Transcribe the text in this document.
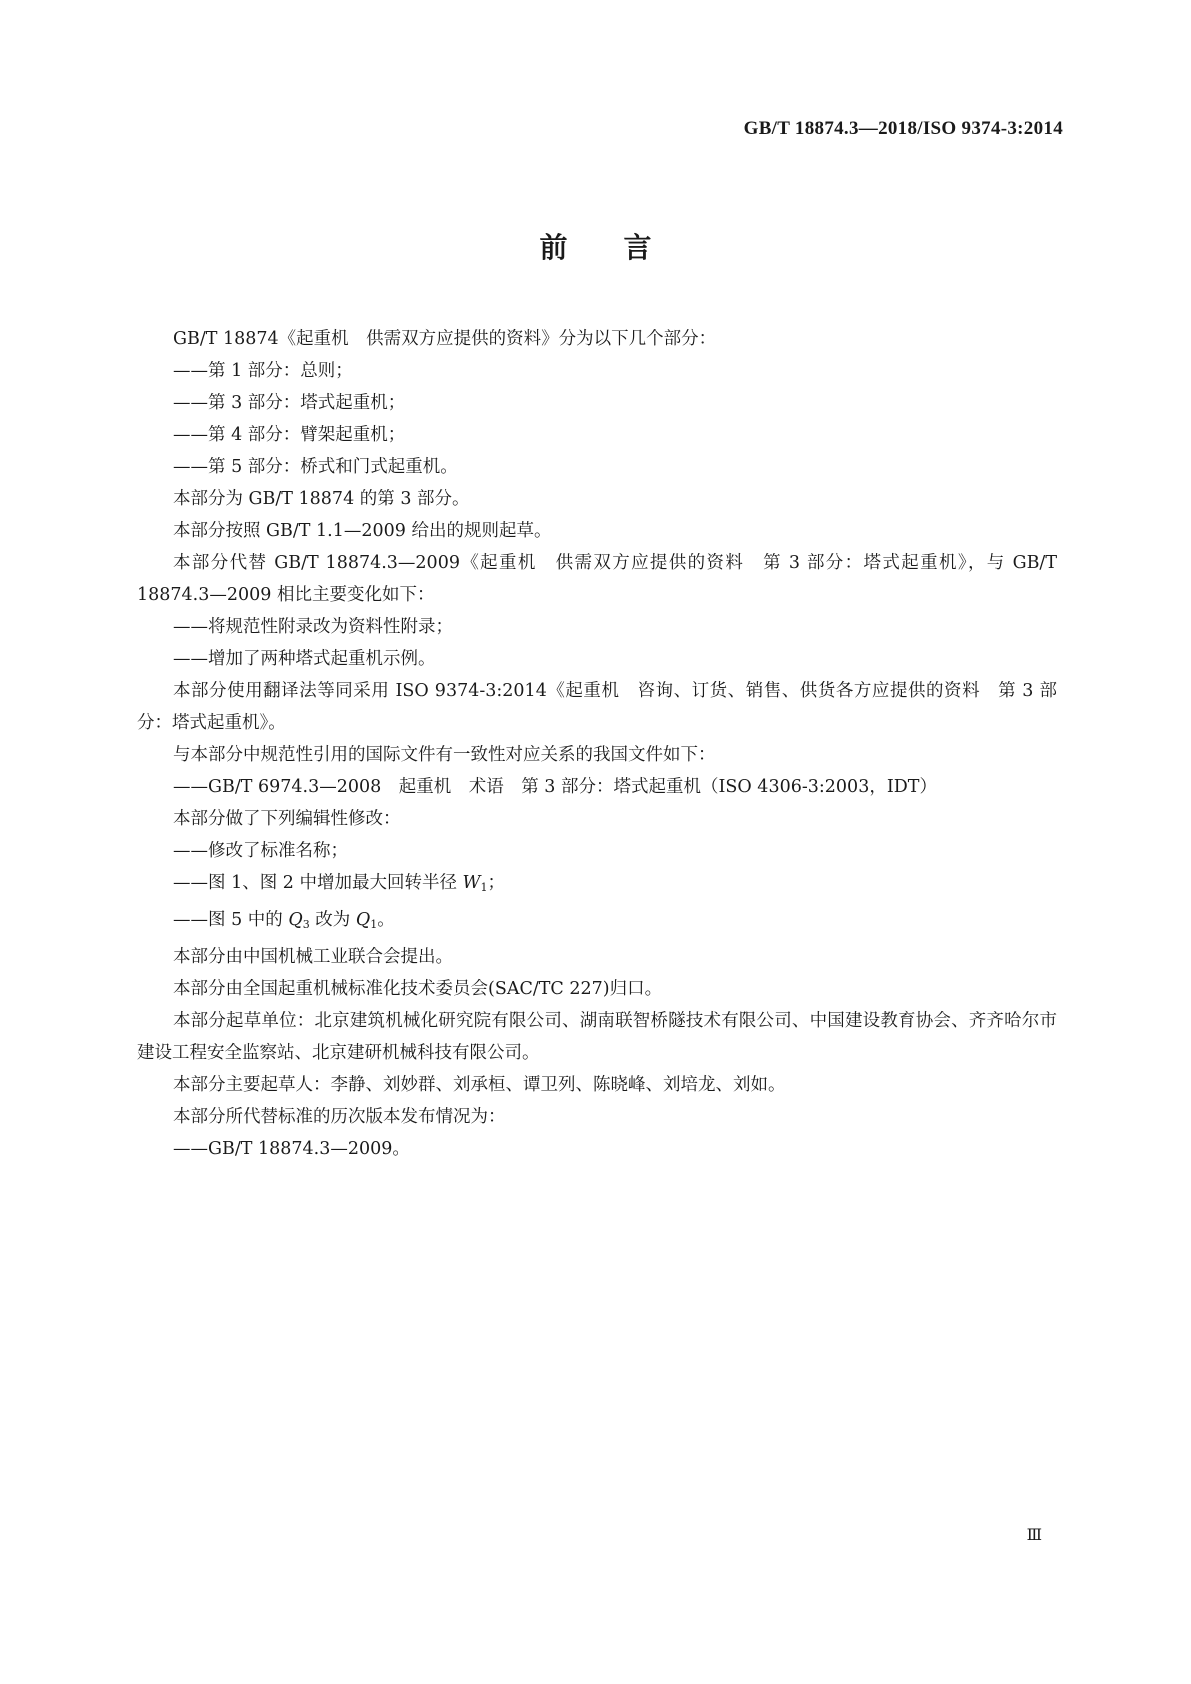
GB/T 18874.3—2018/ISO 9374-3:2014
前言

GB/T 18874《起重机　供需双方应提供的资料》分为以下几个部分：

——第 1 部分：总则；

——第 3 部分：塔式起重机；

——第 4 部分：臂架起重机；

——第 5 部分：桥式和门式起重机。

本部分为 GB/T 18874 的第 3 部分。

本部分按照 GB/T 1.1—2009 给出的规则起草。

本部分代替 GB/T 18874.3—2009《起重机　供需双方应提供的资料　第 3 部分：塔式起重机》，与 GB/T 18874.3—2009 相比主要变化如下：

——将规范性附录改为资料性附录；

——增加了两种塔式起重机示例。

本部分使用翻译法等同采用 ISO 9374-3:2014《起重机　咨询、订货、销售、供货各方应提供的资料　第 3 部分：塔式起重机》。

与本部分中规范性引用的国际文件有一致性对应关系的我国文件如下：

——GB/T 6974.3—2008　起重机　术语　第 3 部分：塔式起重机（ISO 4306-3:2003，IDT）

本部分做了下列编辑性修改：

——修改了标准名称；

——图 1、图 2 中增加最大回转半径 $W_1$；

——图 5 中的 $Q_3$ 改为 $Q_1$。

本部分由中国机械工业联合会提出。

本部分由全国起重机械标准化技术委员会(SAC/TC 227)归口。

本部分起草单位：北京建筑机械化研究院有限公司、湖南联智桥隧技术有限公司、中国建设教育协会、齐齐哈尔市建设工程安全监察站、北京建研机械科技有限公司。

本部分主要起草人：李静、刘妙群、刘承桓、谭卫列、陈晓峰、刘培龙、刘如。

本部分所代替标准的历次版本发布情况为：

——GB/T 18874.3—2009。

Ⅲ
